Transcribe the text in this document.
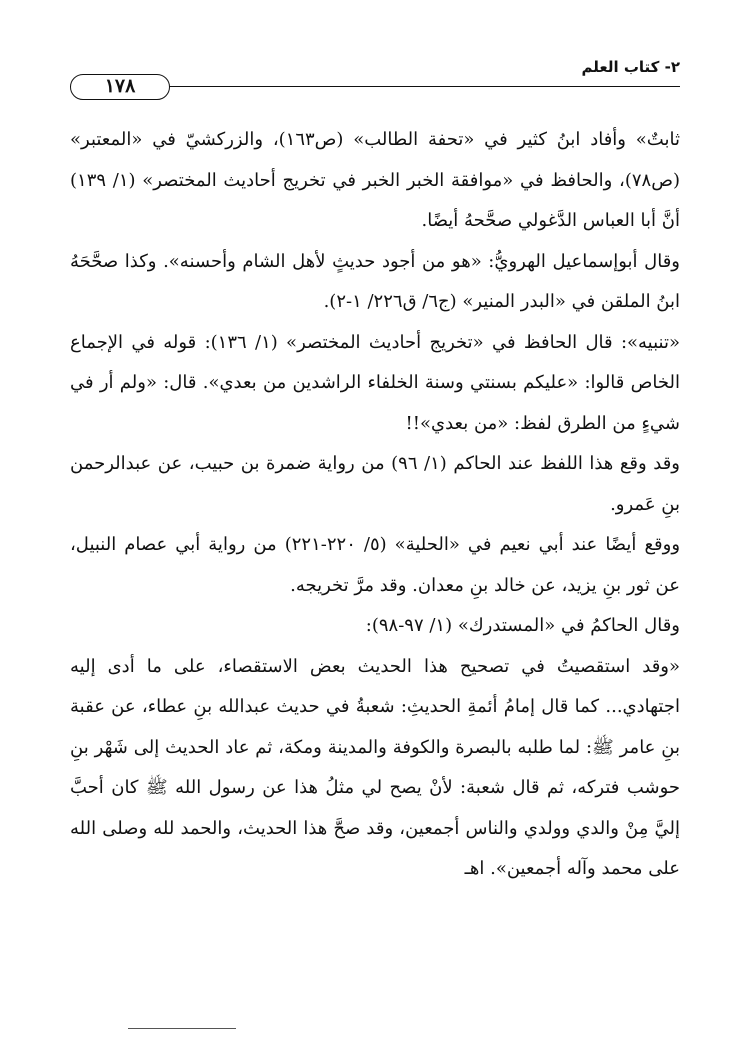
٢- كتاب العلم
١٧٨

ثابتٌ» وأفاد ابنُ كثير في «تحفة الطالب» (ص١٦٣)، والزركشيّ في «المعتبر» (ص٧٨)، والحافظ في «موافقة الخبر الخبر في تخريج أحاديث المختصر» (١/ ١٣٩) أنَّ أبا العباس الدَّغولي صحَّحهُ أيضًا.

وقال أبوإسماعيل الهرويُّ: «هو من أجود حديثٍ لأهل الشام وأحسنه». وكذا صحَّحَهُ ابنُ الملقن في «البدر المنير» (ج٦/ ق٢٢٦/ ١-٢).

«تنبيه»: قال الحافظ في «تخريج أحاديث المختصر» (١/ ١٣٦): قوله في الإجماع الخاص قالوا: «عليكم بسنتي وسنة الخلفاء الراشدين من بعدي». قال: «ولم أر في شيءٍ من الطرق لفظ: «من بعدي»!!

وقد وقع هذا اللفظ عند الحاكم (١/ ٩٦) من رواية ضمرة بن حبيب، عن عبدالرحمن بنِ عَمرو.

ووقع أيضًا عند أبي نعيم في «الحلية» (٥/ ٢٢٠-٢٢١) من رواية أبي عصام النبيل، عن ثور بنِ يزيد، عن خالد بنِ معدان. وقد مرَّ تخريجه.

وقال الحاكمُ في «المستدرك» (١/ ٩٧-٩٨):

«وقد استقصيتُ في تصحيح هذا الحديث بعض الاستقصاء، على ما أدى إليه اجتهادي... كما قال إمامُ أئمةِ الحديثِ: شعبةُ في حديث عبدالله بنِ عطاء، عن عقبة بنِ عامر ﷺ: لما طلبه بالبصرة والكوفة والمدينة ومكة، ثم عاد الحديث إلى شَهْر بنِ حوشب فتركه، ثم قال شعبة: لأنْ يصح لي مثلُ هذا عن رسول الله ﷺ كان أحبَّ إليَّ مِنْ والدي وولدي والناس أجمعين، وقد صحَّ هذا الحديث، والحمد لله وصلى الله على محمد وآله أجمعين». اهـ
